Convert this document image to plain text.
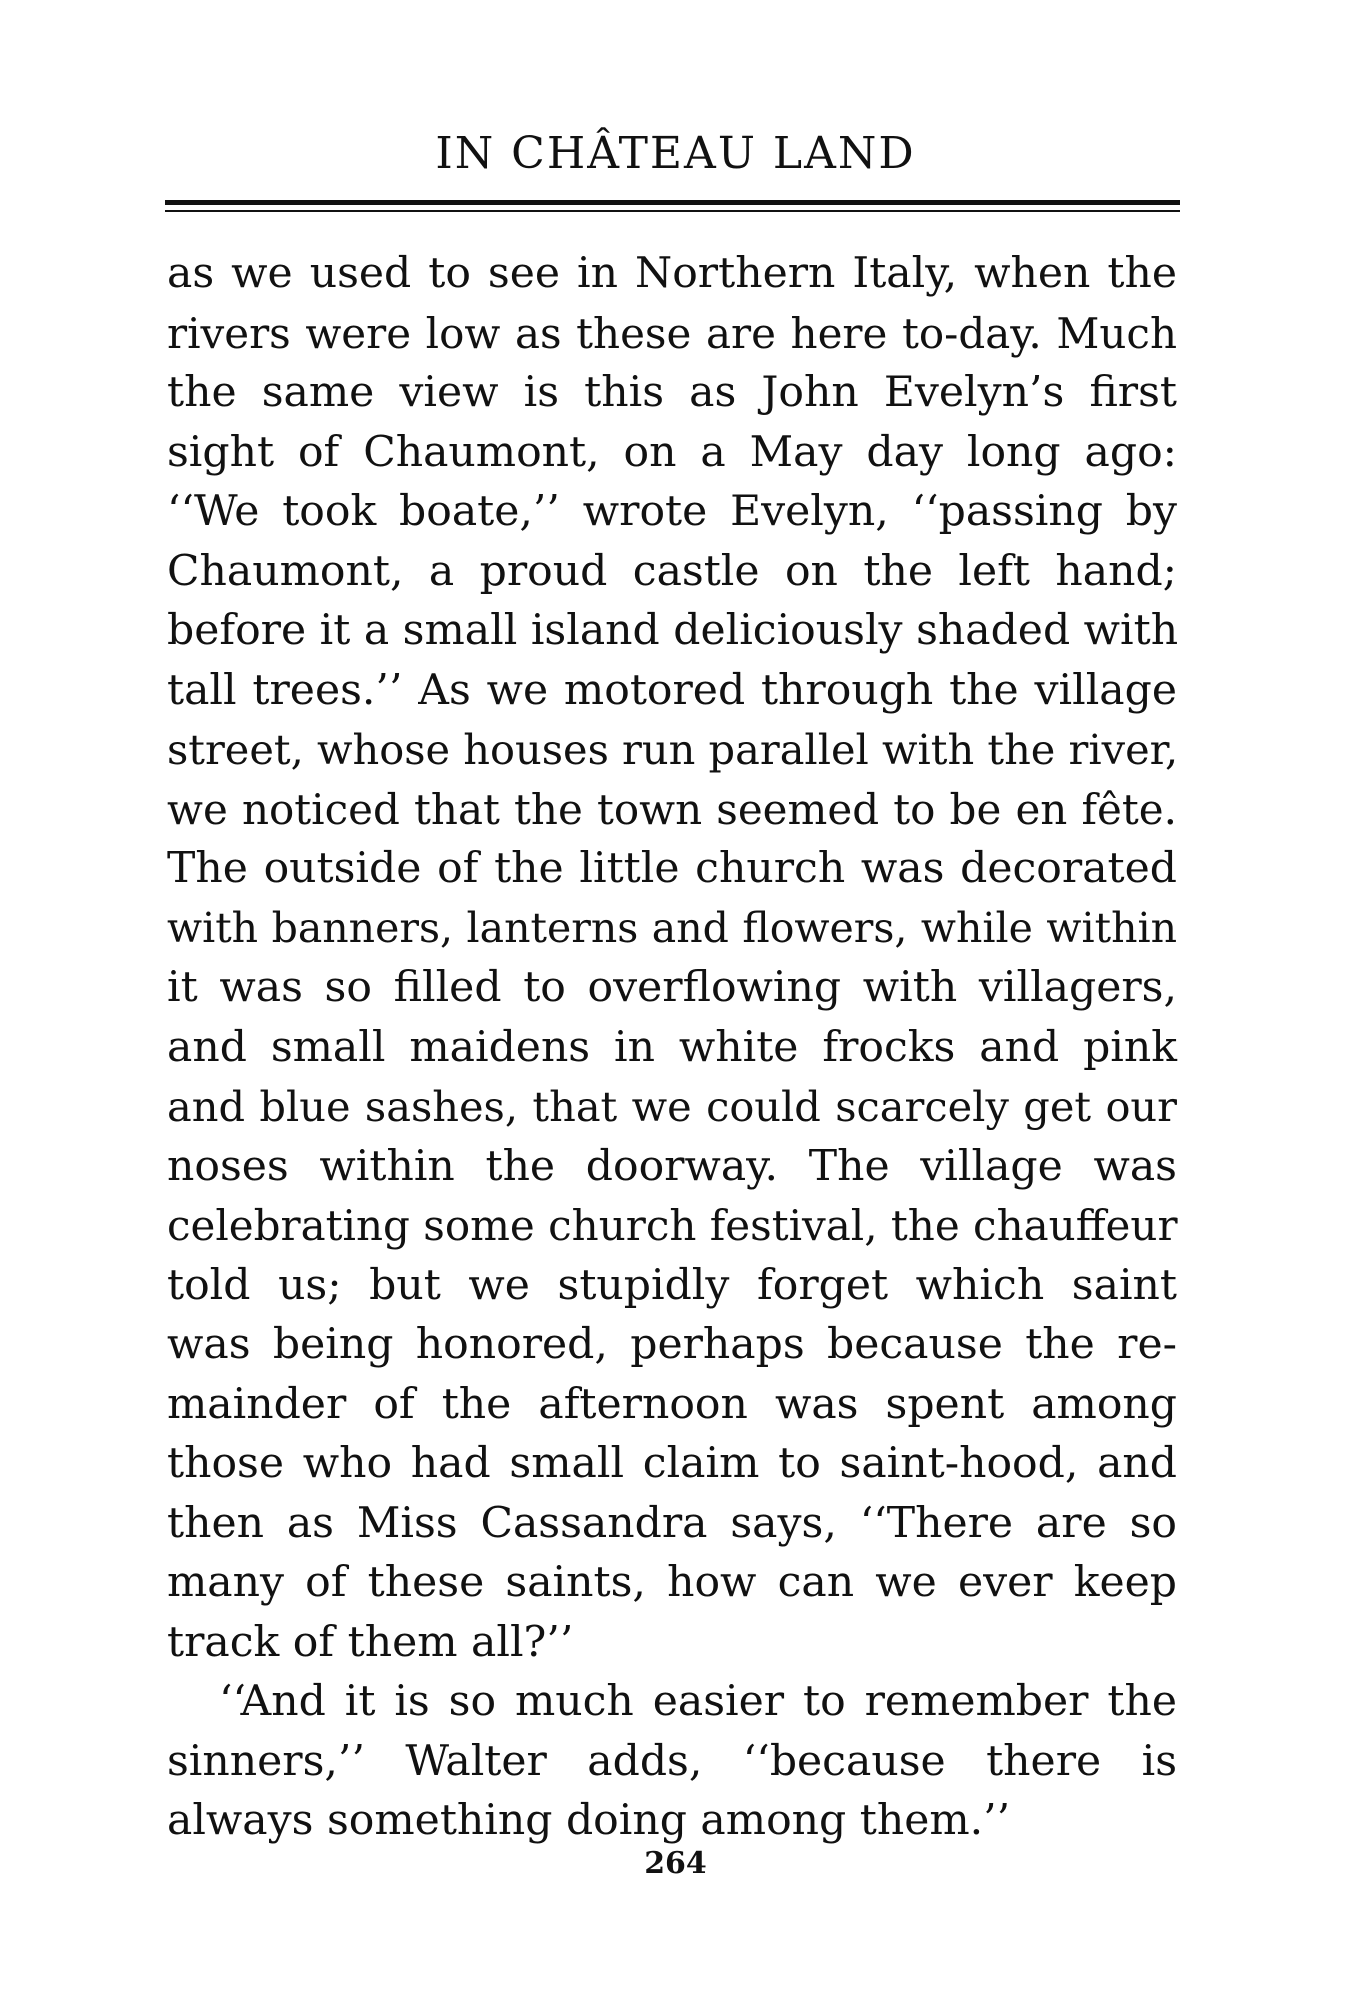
IN CHÂTEAU LAND
as we used to see in Northern Italy, when the
rivers were low as these are here to-day. Much
the same view is this as John Evelyn’s first
sight of Chaumont, on a May day long ago:
‘‘We took boate,’’ wrote Evelyn, ‘‘passing by
Chaumont, a proud castle on the left hand;
before it a small island deliciously shaded with
tall trees.’’ As we motored through the village
street, whose houses run parallel with the river,
we noticed that the town seemed to be en fête.
The outside of the little church was decorated
with banners, lanterns and flowers, while within
it was so filled to overflowing with villagers,
and small maidens in white frocks and pink
and blue sashes, that we could scarcely get our
noses within the doorway. The village was
celebrating some church festival, the chauffeur
told us; but we stupidly forget which saint
was being honored, perhaps because the re-
mainder of the afternoon was spent among
those who had small claim to saint-hood, and
then as Miss Cassandra says, ‘‘There are so
many of these saints, how can we ever keep
track of them all?’’
‘‘And it is so much easier to remember the
sinners,’’ Walter adds, ‘‘because there is
always something doing among them.’’
264
